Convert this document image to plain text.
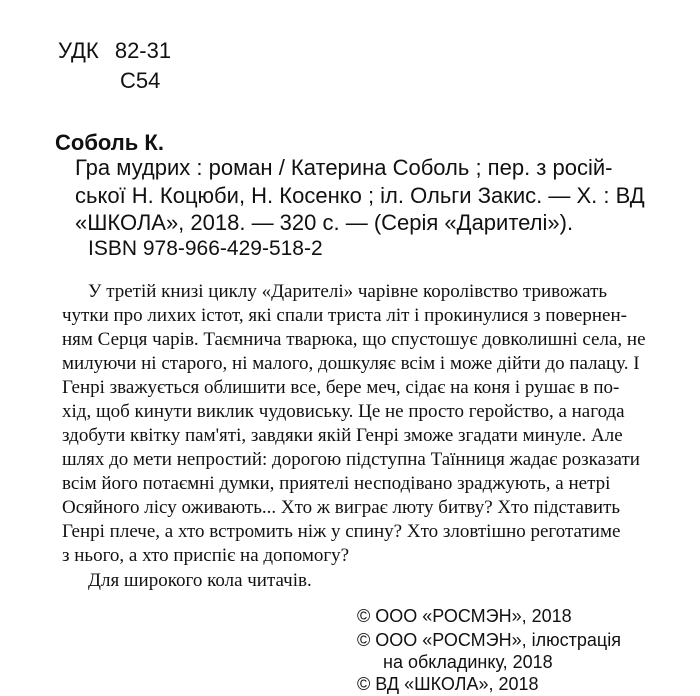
УДК 82-31
С54
Соболь К.
Гра мудрих : роман / Катерина Соболь ; пер. з росій-
ської Н. Коцюби, Н. Косенко ; іл. Ольги Закис. — Х. : ВД
«ШКОЛА», 2018. — 320 с. — (Серія «Дарителі»).
ISBN 978-966-429-518-2
У третій книзі циклу «Дарителі» чарівне королівство тривожать
чутки про лихих істот, які спали триста літ і прокинулися з повернен-
ням Серця чарів. Таємнича тварюка, що спустошує довколишні села, не
милуючи ні старого, ні малого, дошкуляє всім і може дійти до палацу. І
Генрі зважується облишити все, бере меч, сідає на коня і рушає в по-
хід, щоб кинути виклик чудовиську. Це не просто геройство, а нагода
здобути квітку пам'яті, завдяки якій Генрі зможе згадати минуле. Але
шлях до мети непростий: дорогою підступна Таїнниця жадає розказати
всім його потаємні думки, приятелі несподівано зраджують, а нетрі
Осяйного лісу оживають... Хто ж виграє люту битву? Хто підставить
Генрі плече, а хто встромить ніж у спину? Хто зловтішно реготатиме
з нього, а хто приспіє на допомогу?
Для широкого кола читачів.
© ООО «РОСМЭН», 2018
© ООО «РОСМЭН», ілюстрація
на обкладинку, 2018
© ВД «ШКОЛА», 2018
